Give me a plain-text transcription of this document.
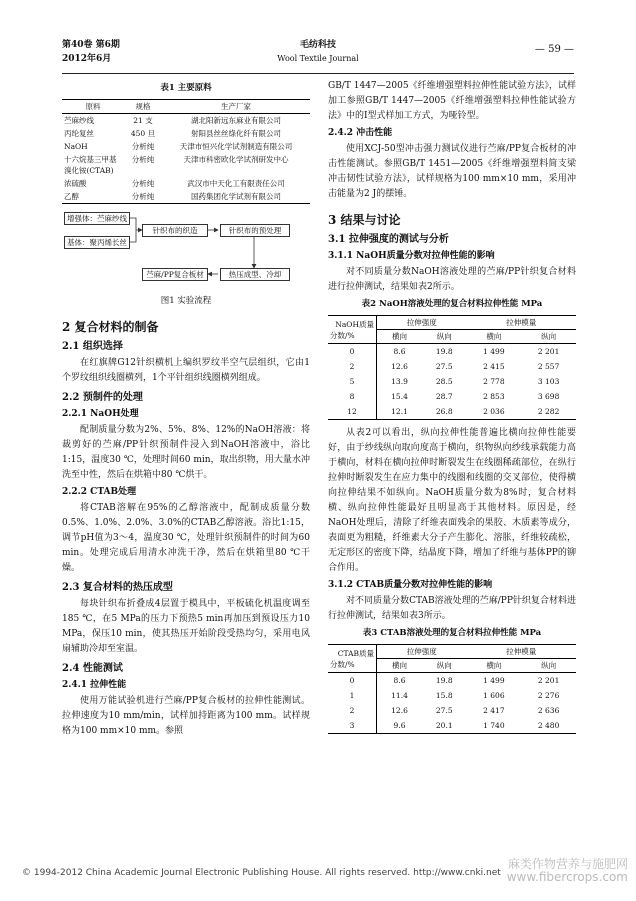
第40卷 第6期
2012年6月
毛纺科技
Wool Textile Journal
— 59 —
表1 主要原料
原料	规格	生产厂家
苎麻纱线	21 支	湖北阳新远东麻业有限公司
丙纶复丝	450 旦	射阳县丝丝绦化纤有限公司
NaOH	分析纯	天津市恒兴化学试剂制造有限公司
十六烷基三甲基溴化铵(CTAB)	分析纯	天津市科密欧化学试剂研发中心
浓硫酸	分析纯	武汉市中天化工有限责任公司
乙醇	分析纯	国药集团化学试剂有限公司
增强体：苎麻纱线
基体：聚丙烯长丝
针织布的织造	针织布的预处理
苎麻/PP复合板材	热压成型、冷却
图1 实验流程
2 复合材料的制备
2.1 组织选择

在红旗牌G12针织横机上编织罗纹半空气层组织，它由1个罗纹组织线圈横列，1个平针组织线圈横列组成。

2.2 预制件的处理
2.2.1 NaOH处理

配制质量分数为2%、5%、8%、12%的NaOH溶液：将裁剪好的苎麻/PP针织预制件浸入到NaOH溶液中，浴比1:15，温度30 ℃，处理时间60 min，取出织物，用大量水冲洗至中性，然后在烘箱中80 ℃烘干。

2.2.2 CTAB处理

将CTAB溶解在95%的乙醇溶液中，配制成质量分数0.5%、1.0%、2.0%、3.0%的CTAB乙醇溶液。浴比1:15，调节pH值为3～4，温度30 ℃，处理针织预制件的时间为60 min。处理完成后用清水冲洗干净，然后在烘箱里80 ℃干燥。

2.3 复合材料的热压成型

每块针织布折叠成4层置于模具中，平板硫化机温度调至185 ℃，在5 MPa的压力下预热5 min再加压到预设压力10 MPa，保压10 min，使其热压开始阶段受热均匀，采用电风扇辅助冷却至室温。

2.4 性能测试
2.4.1 拉伸性能

使用万能试验机进行苎麻/PP复合板材的拉伸性能测试。拉伸速度为10 mm/min，试样加持距离为100 mm。试样规格为100 mm×10 mm。参照

GB/T 1447—2005《纤维增强塑料拉伸性能试验方法》，试样加工参照GB/T 1447—2005《纤维增强塑料拉伸性能试验方法》中的I型式样加工方式，为哑铃型。

2.4.2 冲击性能

使用XCJ-50型冲击强力测试仪进行苎麻/PP复合板材的冲击性能测试。参照GB/T 1451—2005《纤维增强塑料简支梁冲击韧性试验方法》，试样规格为100 mm×10 mm，采用冲击能量为2 J的摆锤。

3 结果与讨论
3.1 拉伸强度的测试与分析
3.1.1 NaOH质量分数对拉伸性能的影响

对不同质量分数NaOH溶液处理的苎麻/PP针织复合材料进行拉伸测试，结果如表2所示。

表2 NaOH溶液处理的复合材料拉伸性能 MPa
NaOH质量
分数/%	拉伸强度		拉伸模量	
	横向	纵向	横向	纵向
0	8.6	19.8	1 499	2 201
2	12.6	27.5	2 415	2 557
5	13.9	28.5	2 778	3 103
8	15.4	28.7	2 853	3 698
12	12.1	26.8	2 036	2 282

从表2可以看出，纵向拉伸性能普遍比横向拉伸性能要好，由于纱线纵向取向度高于横向，织物纵向纱线承载能力高于横向，材料在横向拉伸时断裂发生在线圈稀疏部位，在纵行拉伸时断裂发生在应力集中的线圈和线圈的交叉部位，使得横向拉伸结果不如纵向。NaOH质量分数为8%时，复合材料横、纵向拉伸性能最好且明显高于其他材料。原因是，经NaOH处理后，清除了纤维表面残余的果胶、木质素等成分，表面更为粗糙，纤维素大分子产生膨化、溶胀，纤维较疏松，无定形区的密度下降，结晶度下降，增加了纤维与基体PP的铆合作用。

3.1.2 CTAB质量分数对拉伸性能的影响

对不同质量分数CTAB溶液处理的苎麻/PP针织复合材料进行拉伸测试，结果如表3所示。

表3 CTAB溶液处理的复合材料拉伸性能 MPa
CTAB质量
分数/%	拉伸强度		拉伸模量	
	横向	纵向	横向	纵向
0	8.6	19.8	1 499	2 201
1	11.4	15.8	1 606	2 276
2	12.6	27.5	2 417	2 636
3	9.6	20.1	1 740	2 480
© 1994-2012 China Academic Journal Electronic Publishing House. All rights reserved. http://www.cnki.net
麻类作物营养与施肥网
www.fibercrops.com
